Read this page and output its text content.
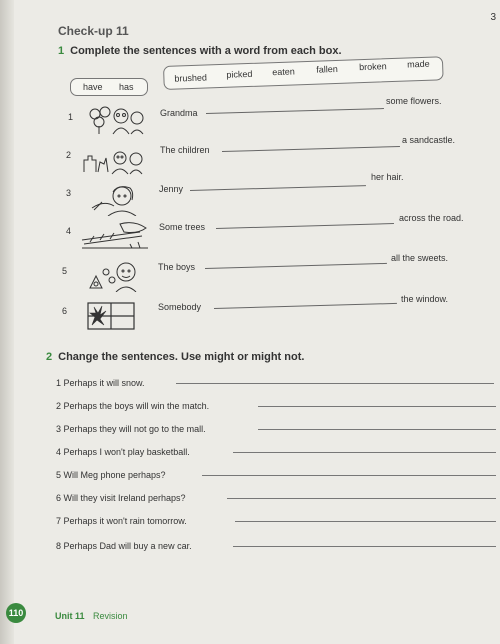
3
Check-up 11
1 Complete the sentences with a word from each box.
have has
brushed picked eaten fallen broken made
1	Grandma
some flowers.
2	The children
a sandcastle.
3	Jenny
her hair.
4	Some trees
across the road.
5	The boys
all the sweets.
6	Somebody
the window.
2 Change the sentences. Use might or might not.
1 Perhaps it will snow.
2 Perhaps the boys will win the match.
3 Perhaps they will not go to the mall.
4 Perhaps I won't play basketball.
5 Will Meg phone perhaps?
6 Will they visit Ireland perhaps?
7 Perhaps it won't rain tomorrow.
8 Perhaps Dad will buy a new car.
110	Unit 11 Revision
